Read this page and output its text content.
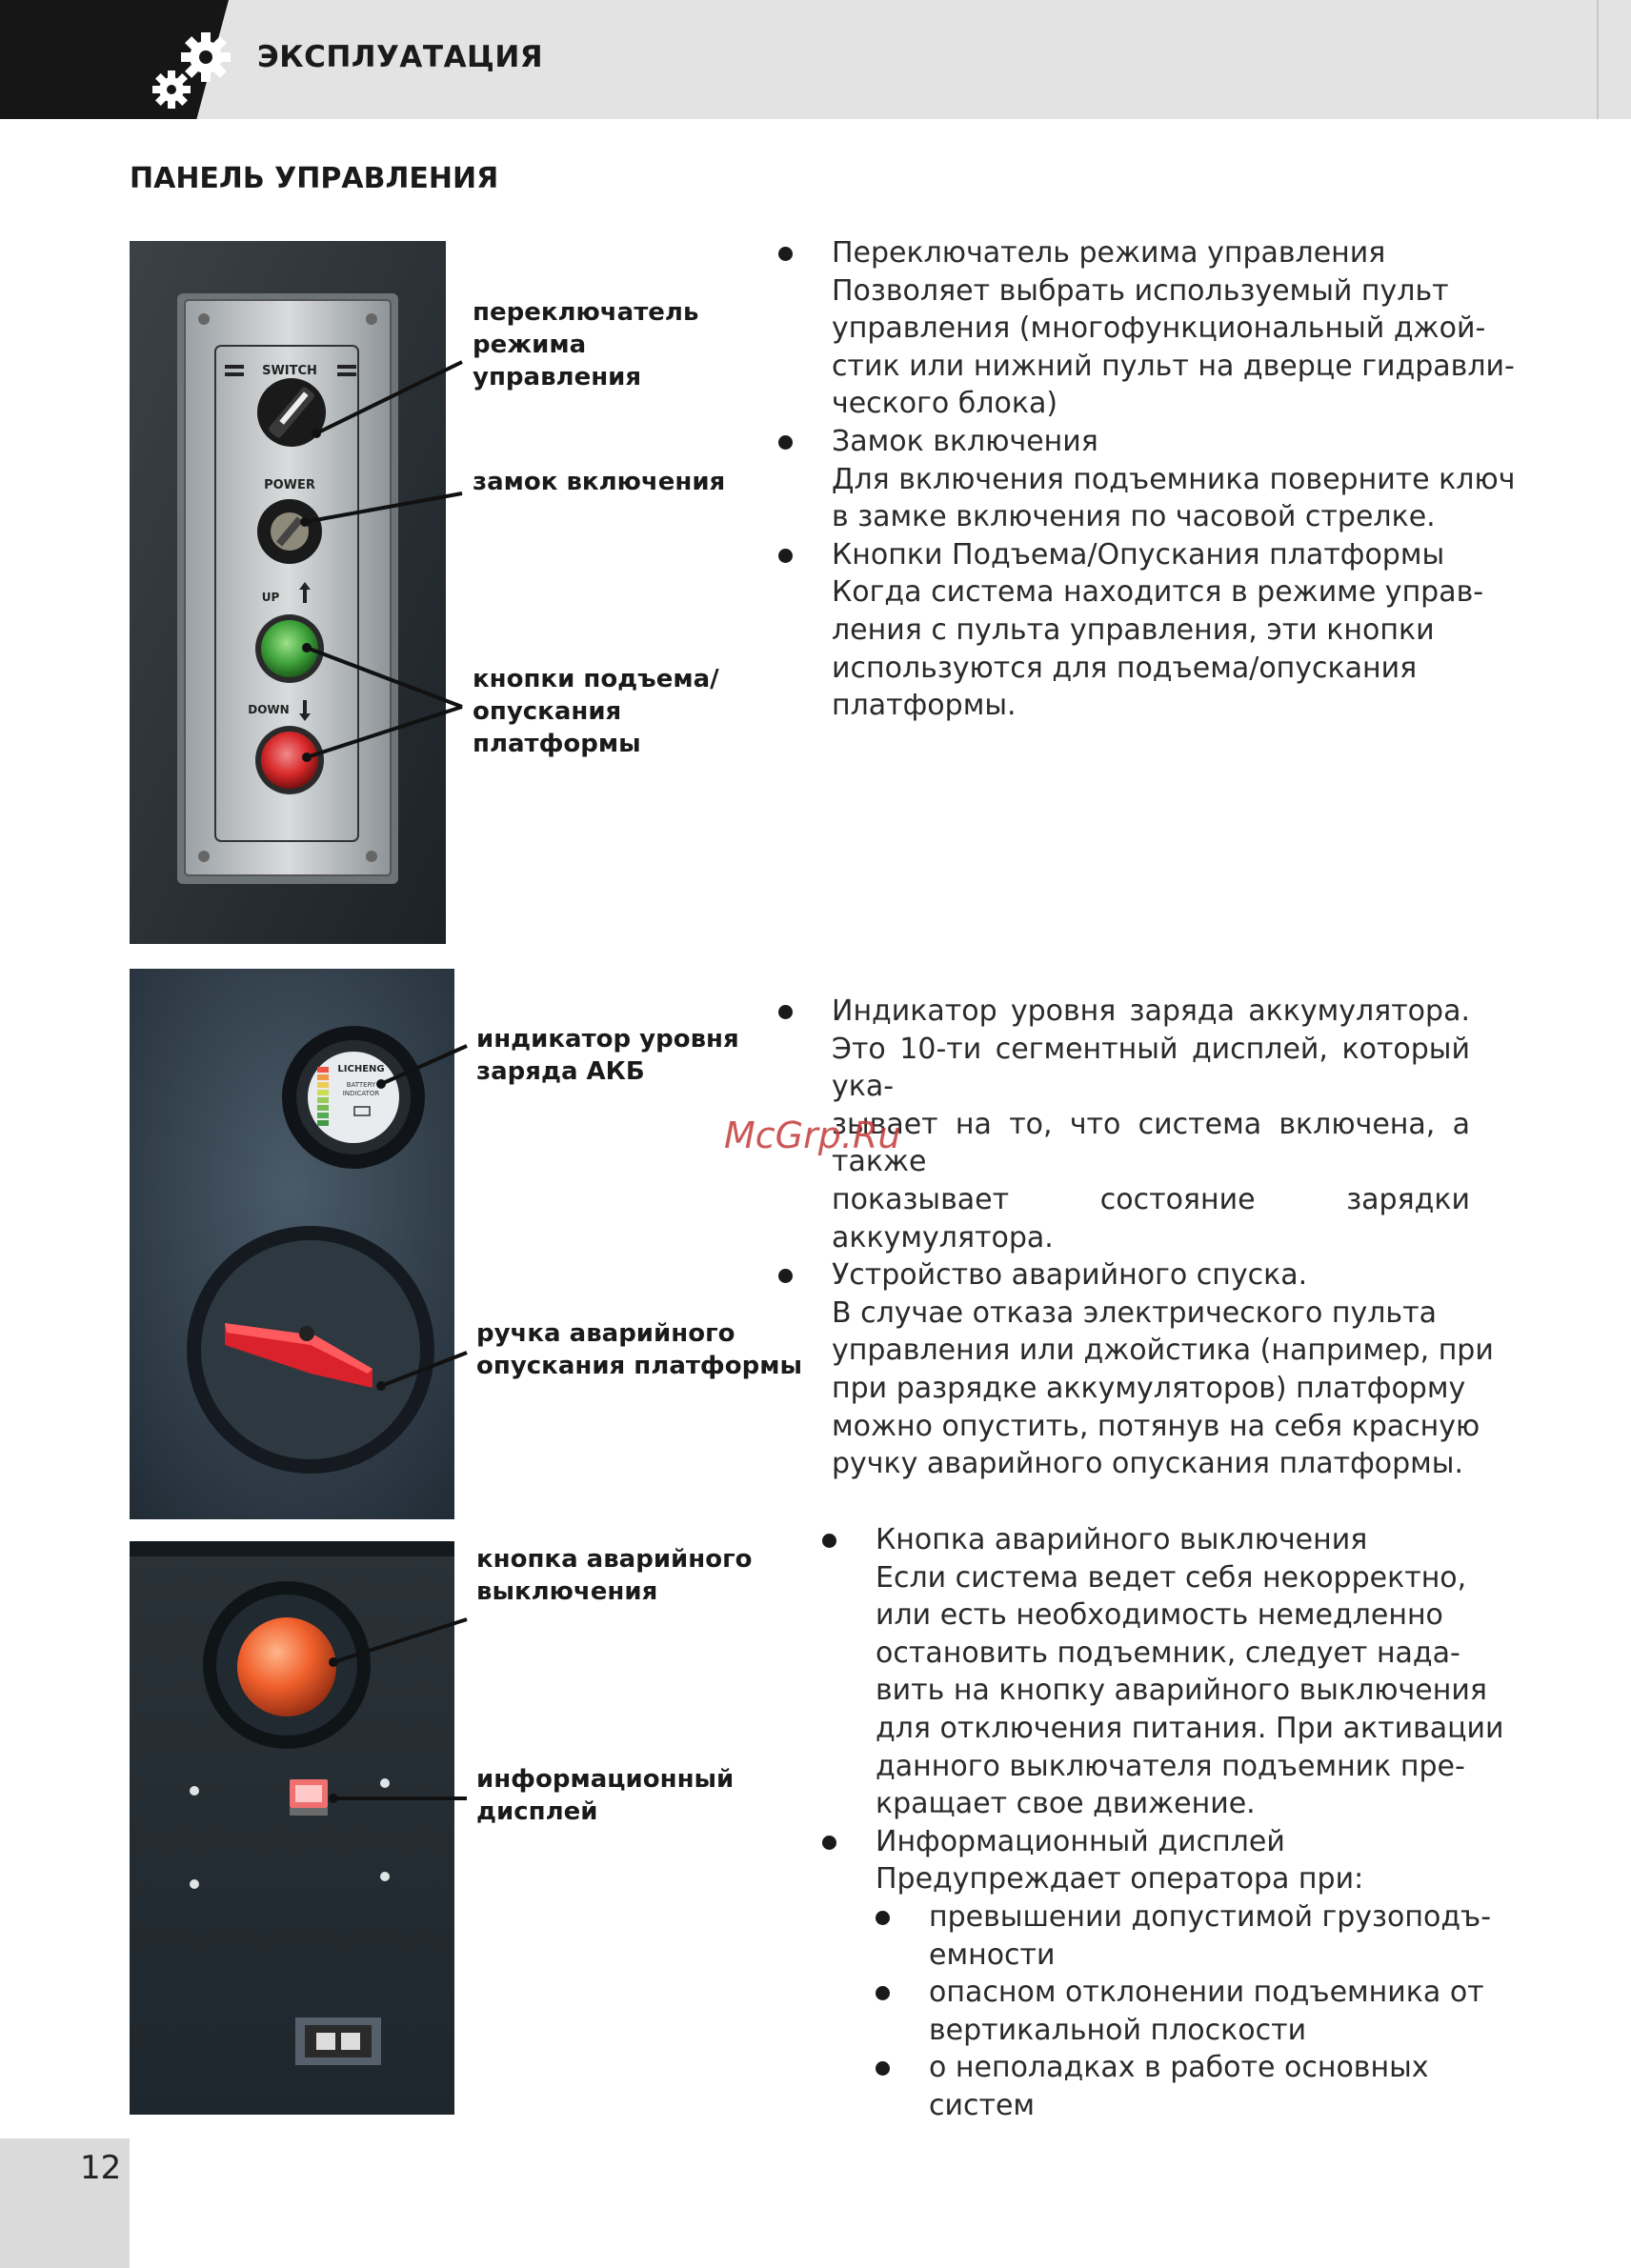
ЭКСПЛУАТАЦИЯ
ПАНЕЛЬ УПРАВЛЕНИЯ
SWITCH
POWER
UP
DOWN
LICHENG
BATTERY
INDICATOR
переключатель
режима
управления
замок включения
кнопки подъема/
опускания
платформы
индикатор уровня
заряда АКБ
ручка аварийного
опускания платформы
кнопка аварийного
выключения
информационный
дисплей
Переключатель режима управления
Позволяет выбрать используемый пульт
управления (многофункциональный джой-
стик или нижний пульт на дверце гидравли-
ческого блока)
Замок включения
Для включения подъемника поверните ключ
в замке включения по часовой стрелке.
Кнопки Подъема/Опускания платформы
Когда система находится в режиме управ-
ления с пульта управления, эти кнопки
используются для подъема/опускания
платформы.
Индикатор уровня заряда аккумулятора.
Это 10-ти сегментный дисплей, который ука-
зывает на то, что система включена, а также
показывает состояние зарядки аккумулятора.
Устройство аварийного спуска.
В случае отказа электрического пульта
управления или джойстика (например, при
при разрядке аккумуляторов) платформу
можно опустить, потянув на себя красную
ручку аварийного опускания платформы.
Кнопка аварийного выключения
Если система ведет себя некорректно,
или есть необходимость немедленно
остановить подъемник, следует нада-
вить на кнопку аварийного выключения
для отключения питания. При активации
данного выключателя подъемник пре-
кращает свое движение.
Информационный дисплей
Предупреждает оператора при:
превышении допустимой грузоподъ-
емности
опасном отклонении подъемника от
вертикальной плоскости
о неполадках в работе основных
систем
McGrp.Ru
12
